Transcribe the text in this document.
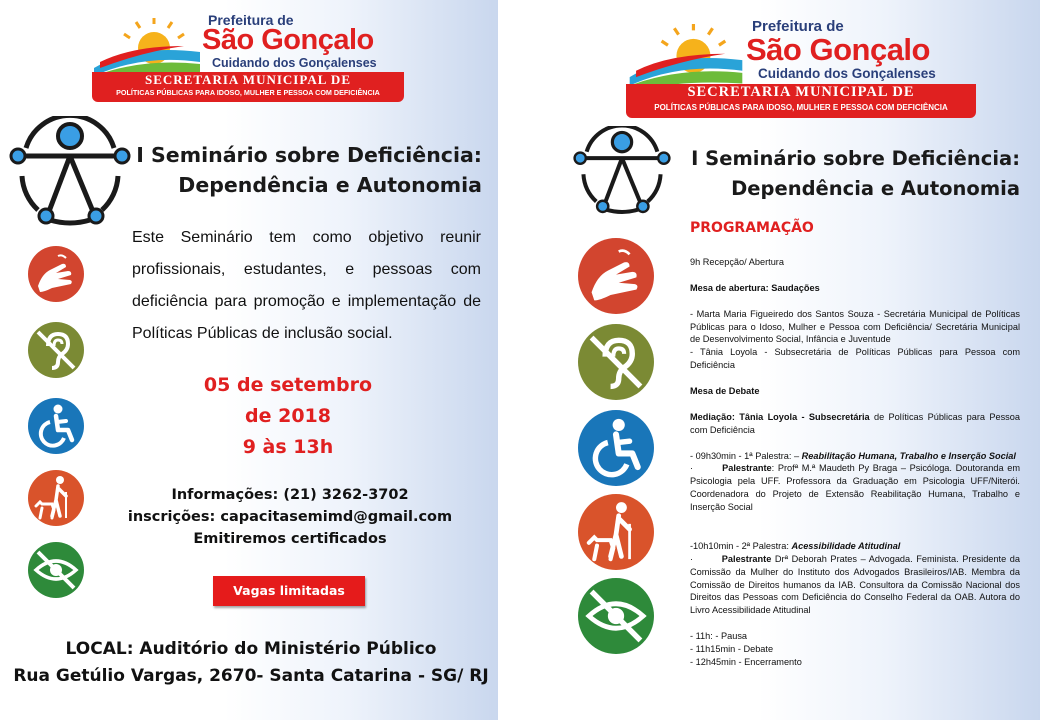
Prefeitura de
São Gonçalo
Cuidando dos Gonçalenses
SECRETARIA MUNICIPAL DE
POLÍTICAS PÚBLICAS PARA IDOSO, MULHER E PESSOA COM DEFICIÊNCIA
I Seminário sobre Deficiência:
Dependência e Autonomia
Este Seminário tem como objetivo reunir profissionais, estudantes, e pessoas com deficiência para promoção e implementação de Políticas Públicas de inclusão social.
05 de setembro
de 2018
9 às 13h
Informações: (21) 3262-3702
inscrições: capacitasemimd@gmail.com
Emitiremos certificados
Vagas limitadas
LOCAL: Auditório do Ministério Público
Rua Getúlio Vargas, 2670- Santa Catarina - SG/ RJ
Prefeitura de
São Gonçalo
Cuidando dos Gonçalenses
SECRETARIA MUNICIPAL DE
POLÍTICAS PÚBLICAS PARA IDOSO, MULHER E PESSOA COM DEFICIÊNCIA
I Seminário sobre Deficiência:
Dependência e Autonomia
PROGRAMAÇÃO

9h Recepção/ Abertura

Mesa de abertura: Saudações

- Marta Maria Figueiredo dos Santos Souza - Secretária Municipal de Políticas Públicas para o Idoso, Mulher e Pessoa com Deficiência/ Secretária Municipal de Desenvolvimento Social, Infância e Juventude

- Tânia Loyola - Subsecretária de Políticas Públicas para Pessoa com Deficiência

Mesa de Debate

Mediação: Tânia Loyola - Subsecretária de Políticas Públicas para Pessoa com Deficiência

- 09h30min - 1ª Palestra: – Reabilitação Humana, Trabalho e Inserção Social

·	Palestrante: Profª M.ª Maudeth Py Braga – Psicóloga. Doutoranda em Psicologia pela UFF. Professora da Graduação em Psicologia UFF/Niterói. Coordenadora do Projeto de Extensão Reabilitação Humana, Trabalho e Inserção Social

-10h10min - 2ª Palestra: Acessibilidade Atitudinal

·	Palestrante Drª Deborah Prates – Advogada. Feminista. Presidente da Comissão da Mulher do Instituto dos Advogados Brasileiros/IAB. Membra da Comissão de Direitos humanos da IAB. Consultora da Comissão Nacional dos Direitos das Pessoas com Deficiência do Conselho Federal da OAB. Autora do Livro Acessibilidade Atitudinal

- 11h: - Pausa

- 11h15min - Debate

- 12h45min - Encerramento
